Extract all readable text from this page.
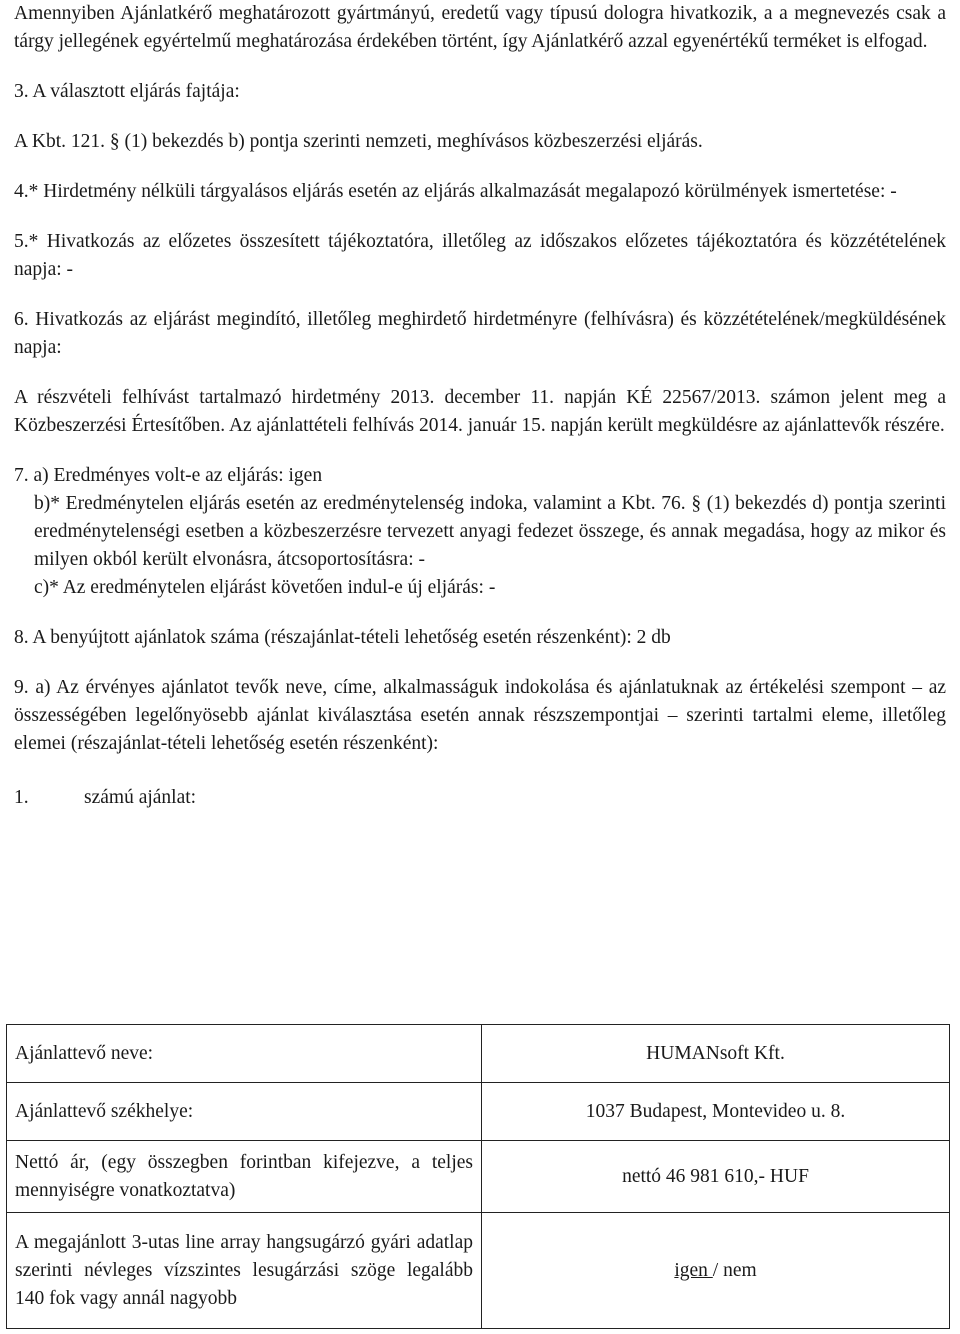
Amennyiben Ajánlatkérő meghatározott gyártmányú, eredetű vagy típusú dologra hivatkozik, a a megnevezés csak a tárgy jellegének egyértelmű meghatározása érdekében történt, így Ajánlatkérő azzal egyenértékű terméket is elfogad.

3. A választott eljárás fajtája:

A Kbt. 121. § (1) bekezdés b) pontja szerinti nemzeti, meghívásos közbeszerzési eljárás.

4.* Hirdetmény nélküli tárgyalásos eljárás esetén az eljárás alkalmazását megalapozó körülmények ismertetése: -

5.* Hivatkozás az előzetes összesített tájékoztatóra, illetőleg az időszakos előzetes tájékoztatóra és közzétételének napja: -

6. Hivatkozás az eljárást megindító, illetőleg meghirdető hirdetményre (felhívásra) és közzétételének/megküldésének napja:

A részvételi felhívást tartalmazó hirdetmény 2013. december 11. napján KÉ 22567/2013. számon jelent meg a Közbeszerzési Értesítőben. Az ajánlattételi felhívás 2014. január 15. napján került megküldésre az ajánlattevők részére.

7. a) Eredményes volt-e az eljárás: igen

b)* Eredménytelen eljárás esetén az eredménytelenség indoka, valamint a Kbt. 76. § (1) bekezdés d) pontja szerinti eredménytelenségi esetben a közbeszerzésre tervezett anyagi fedezet összege, és annak megadása, hogy az mikor és milyen okból került elvonásra, átcsoportosításra: -

c)* Az eredménytelen eljárást követően indul-e új eljárás: -

8. A benyújtott ajánlatok száma (részajánlat-tételi lehetőség esetén részenként): 2 db

9. a) Az érvényes ajánlatot tevők neve, címe, alkalmasságuk indokolása és ajánlatuknak az értékelési szempont – az összességében legelőnyösebb ajánlat kiválasztása esetén annak részszempontjai – szerinti tartalmi eleme, illetőleg elemei (részajánlat-tételi lehetőség esetén részenként):

1.	számú ajánlat:

Ajánlattevő neve:	HUMANsoft Kft.
Ajánlattevő székhelye:	1037 Budapest, Montevideo u. 8.
Nettó ár, (egy összegben forintban kifejezve, a teljes mennyiségre vonatkoztatva)	nettó 46 981 610,- HUF
A megajánlott 3-utas line array hangsugárzó gyári adatlap szerinti névleges vízszintes lesugárzási szöge legalább 140 fok vagy annál nagyobb	igen / nem
